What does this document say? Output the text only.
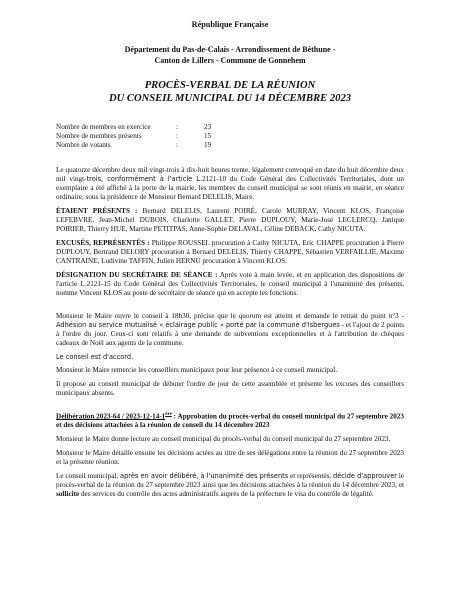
République Française
Département du Pas-de-Calais - Arrondissement de Béthune -
Canton de Lillers - Commune de Gonnehem
PROCÈS-VERBAL DE LA RÉUNION
DU CONSEIL MUNICIPAL DU 14 DÉCEMBRE 2023
Nombre de membres en exercice	:	23
Nombre de membres présents	:	15
Nombre de votants	:	19

Le quatorze décembre deux mil vingt-trois à dix-huit heures trente, légalement convoqué en date du huit décembre deux mil vingt-trois, conformément à l'article L.2121-10 du Code Général des Collectivités Territoriales, dont un exemplaire a été affiché à la porte de la mairie, les membres du conseil municipal se sont réunis en mairie, en séance ordinaire, sous la présidence de Monsieur Bernard DELELIS, Maire.

ÉTAIENT PRÉSENTS : Bernard DELELIS, Laurent POIRÉ, Carole MURRAY, Vincent KLOS, Françoise LEFEBVRE, Jean-Michel DUBOIS, Charlotte GALLET, Pierre DUPLOUY, Marie-José LECLERCQ, Janique POIRIER, Thierry HUE, Martine PETITPAS, Anne-Sophie DELAVAL, Céline DEBACK, Cathy NICUTA.

EXCUSÉS, REPRÉSENTÉS : Philippe ROUSSEL procuration à Cathy NICUTA, Eric CHAPPE procuration à Pierre DUPLOUY, Bertrand DELORY procuration à Bernard DELELIS, Thierry CHAPPE, Sébastien VERFAILLIE, Maxime CANTRAINE, Ludivine TAFFIN, Julien HERNU procuration à Vincent KLOS.

DÉSIGNATION DU SECRÉTAIRE DE SÉANCE : Après vote à main levée, et en application des dispositions de l'article L.2121-15 du Code Général des Collectivités Territoriales, le conseil municipal à l'unanimité des présents, nomme Vincent KLOS au poste de secrétaire de séance qui en accepte les fonctions.

Monsieur le Maire ouvre le conseil à 18h30, précise que le quorum est atteint et demande le retrait du point n°3 - Adhésion au service mutualisé « éclairage public » porté par la commune d'Isbergues - et l'ajout de 2 points à l'ordre du jour. Ceux-ci sont relatifs à une demande de subventions exceptionnelles et à l'attribution de chèques cadeaux de Noël aux agents de la commune.

Le conseil est d'accord.

Monsieur le Maire remercie les conseillers municipaux pour leur présence à ce conseil municipal.

Il propose au conseil municipal de débuter l'ordre de jour de cette assemblée et présente les excuses des conseillers municipaux absents.

Délibération 2023-64 / 2023-12-14-1ère : Approbation du procès-verbal du conseil municipal du 27 septembre 2023 et des décisions attachées à la réunion de conseil du 14 décembre 2023

Monsieur le Maire donne lecture au conseil municipal du procès-verbal du conseil municipal du 27 septembre 2023.

Monsieur le Maire détaille ensuite les décisions actées au titre de ses délégations entre la réunion du 27 septembre 2023 et la présente réunion.

Le conseil municipal, après en avoir délibéré, à l'unanimité des présents et représentés, décide d'approuver le procès-verbal de la réunion du 27 septembre 2023 ainsi que les décisions attachées à la réunion du 14 décembre 2023, et sollicite des services du contrôle des actes administratifs auprès de la préfecture le visa du contrôle de légalité.
